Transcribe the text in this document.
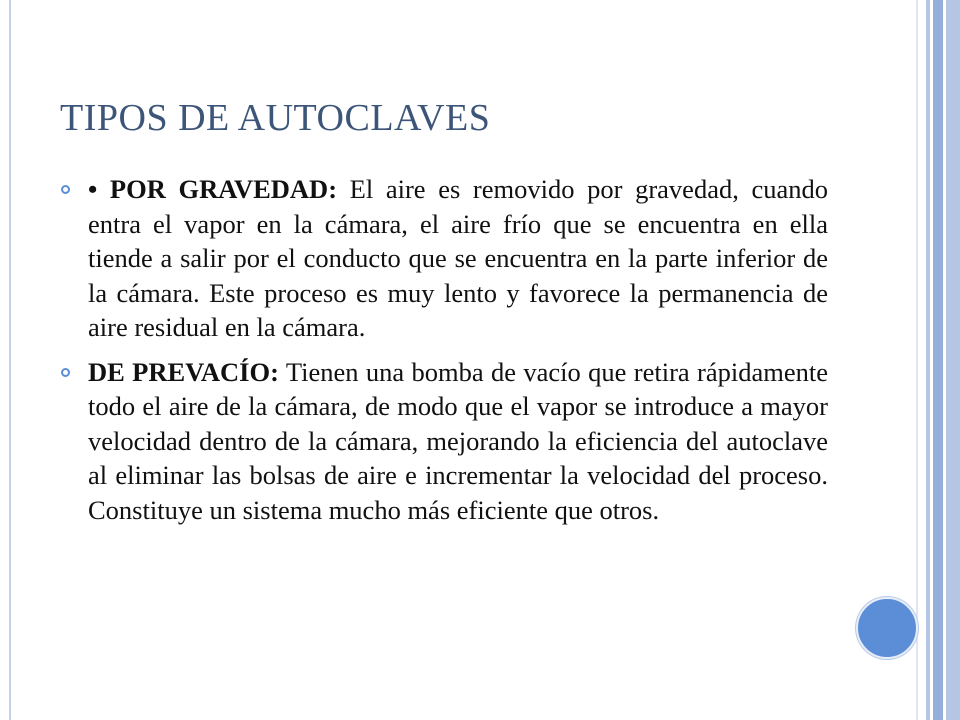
TIPOS DE AUTOCLAVES

• POR GRAVEDAD: El aire es removido por gravedad, cuando entra el vapor en la cámara, el aire frío que se encuentra en ella tiende a salir por el conducto que se encuentra en la parte inferior de la cámara. Este proceso es muy lento y favorece la permanencia de aire residual en la cámara.

DE PREVACÍO: Tienen una bomba de vacío que retira rápidamente todo el aire de la cámara, de modo que el vapor se introduce a mayor velocidad dentro de la cámara, mejorando la eficiencia del autoclave al eliminar las bolsas de aire e incrementar la velocidad del proceso. Constituye un sistema mucho más eficiente que otros.
